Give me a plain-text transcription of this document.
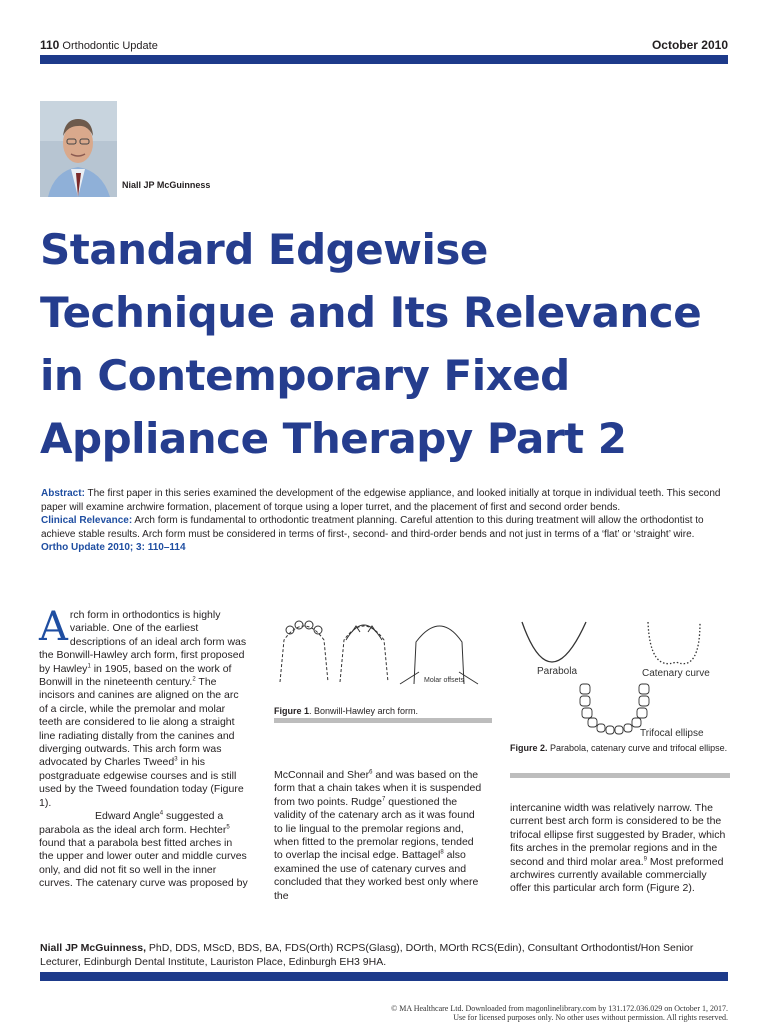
110 Orthodontic Update	October 2010
Niall JP McGuinness
Standard Edgewise
Technique and Its Relevance
in Contemporary Fixed
Appliance Therapy Part 2
Abstract: The first paper in this series examined the development of the edgewise appliance, and looked initially at torque in individual teeth. This second paper will examine archwire formation, placement of torque using a loper turret, and the placement of first and second order bends.
Clinical Relevance: Arch form is fundamental to orthodontic treatment planning. Careful attention to this during treatment will allow the orthodontist to achieve stable results. Arch form must be considered in terms of first-, second- and third-order bends and not just in terms of a ‘flat’ or ‘straight’ wire.
Ortho Update 2010; 3: 110–114
A rch form in orthodontics is highly variable. One of the earliest descriptions of an ideal arch form was the Bonwill-Hawley arch form, first proposed by Hawley$^1$ in 1905, based on the work of Bonwill in the nineteenth century.$^2$ The incisors and canines are aligned on the arc of a circle, while the premolar and molar teeth are considered to lie along a straight line radiating distally from the canines and diverging outwards. This arch form was advocated by Charles Tweed$^3$ in his postgraduate edgewise courses and is still used by the Tweed foundation today (Figure 1).
Edward Angle$^4$ suggested a parabola as the ideal arch form. Hechter$^5$ found that a parabola best fitted arches in the upper and lower outer and middle curves only, and did not fit so well in the inner curves. The catenary curve was proposed by
Molar offsets
Figure 1. Bonwill-Hawley arch form.
Parabola	Catenary curve
Trifocal ellipse
Figure 2. Parabola, catenary curve and trifocal ellipse.
McConnail and Sher$^6$ and was based on the form that a chain takes when it is suspended from two points. Rudge$^7$ questioned the validity of the catenary arch as it was found to lie lingual to the premolar regions and, when fitted to the premolar regions, tended to overlap the incisal edge. Battagel$^8$ also examined the use of catenary curves and concluded that they worked best only where the
intercanine width was relatively narrow. The current best arch form is considered to be the trifocal ellipse first suggested by Brader, which fits arches in the premolar regions and in the second and third molar area.$^9$ Most preformed archwires currently available commercially offer this particular arch form (Figure 2).
Niall JP McGuinness, PhD, DDS, MScD, BDS, BA, FDS(Orth) RCPS(Glasg), DOrth, MOrth RCS(Edin), Consultant Orthodontist/Hon Senior Lecturer, Edinburgh Dental Institute, Lauriston Place, Edinburgh EH3 9HA.
© MA Healthcare Ltd. Downloaded from magonlinelibrary.com by 131.172.036.029 on October 1, 2017.
Use for licensed purposes only. No other uses without permission. All rights reserved.
